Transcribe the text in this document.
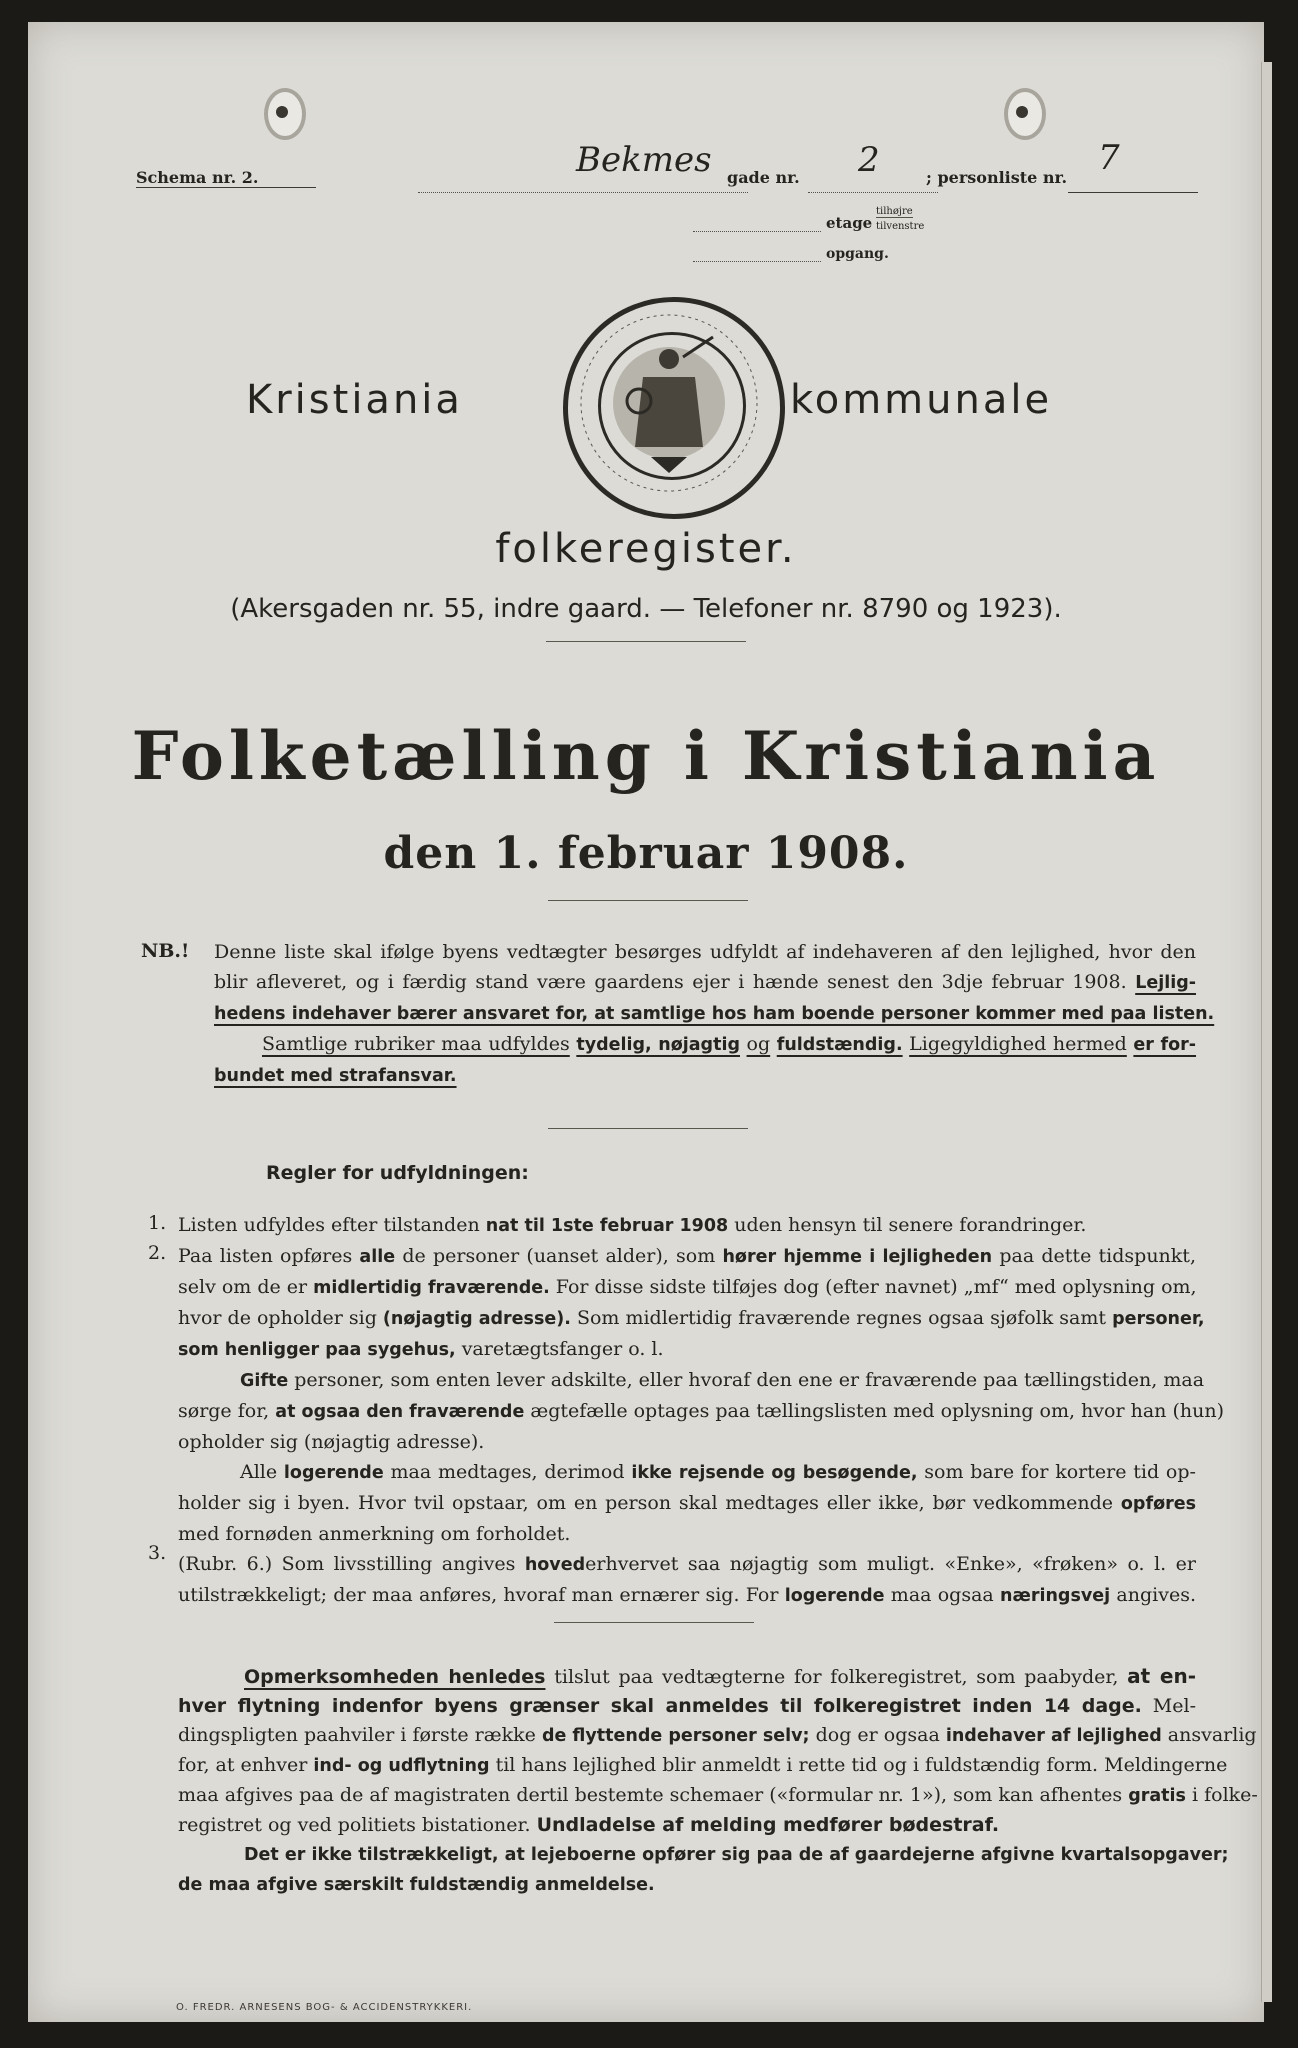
Schema nr. 2.	Bekmes gade nr. 2	; personliste nr. 7
etage
tilhøjre
tilvenstre
opgang.
Kristiania	kommunale
folkeregister.
(Akersgaden nr. 55, indre gaard. — Telefoner nr. 8790 og 1923).
Folketælling i Kristiania
den 1. februar 1908.
NB.! Denne liste skal ifølge byens vedtægter besørges udfyldt af indehaveren af den lejlighed, hvor den
blir afleveret, og i færdig stand være gaardens ejer i hænde senest den 3dje februar 1908. Lejlig-
hedens indehaver bærer ansvaret for, at samtlige hos ham boende personer kommer med paa listen.
Samtlige rubriker maa udfyldes tydelig, nøjagtig og fuldstændig. Ligegyldighed hermed er for-
bundet med strafansvar.
Regler for udfyldningen:
1.
2.
3.
Listen udfyldes efter tilstanden nat til 1ste februar 1908 uden hensyn til senere forandringer.
Paa listen opføres alle de personer (uanset alder), som hører hjemme i lejligheden paa dette tidspunkt,
selv om de er midlertidig fraværende. For disse sidste tilføjes dog (efter navnet) „mf“ med oplysning om,
hvor de opholder sig (nøjagtig adresse). Som midlertidig fraværende regnes ogsaa sjøfolk samt personer,
som henligger paa sygehus, varetægtsfanger o. l.
Gifte personer, som enten lever adskilte, eller hvoraf den ene er fraværende paa tællingstiden, maa
sørge for, at ogsaa den fraværende ægtefælle optages paa tællingslisten med oplysning om, hvor han (hun)
opholder sig (nøjagtig adresse).
Alle logerende maa medtages, derimod ikke rejsende og besøgende, som bare for kortere tid op-
holder sig i byen. Hvor tvil opstaar, om en person skal medtages eller ikke, bør vedkommende opføres
med fornøden anmerkning om forholdet.
(Rubr. 6.) Som livsstilling angives hovederhvervet saa nøjagtig som muligt. «Enke», «frøken» o. l. er
utilstrækkeligt; der maa anføres, hvoraf man ernærer sig. For logerende maa ogsaa næringsvej angives.
Opmerksomheden henledes tilslut paa vedtægterne for folkeregistret, som paabyder, at en-
hver flytning indenfor byens grænser skal anmeldes til folkeregistret inden 14 dage. Mel-
dingspligten paahviler i første række de flyttende personer selv; dog er ogsaa indehaver af lejlighed ansvarlig
for, at enhver ind- og udflytning til hans lejlighed blir anmeldt i rette tid og i fuldstændig form. Meldingerne
maa afgives paa de af magistraten dertil bestemte schemaer («formular nr. 1»), som kan afhentes gratis i folke-
registret og ved politiets bistationer. Undladelse af melding medfører bødestraf.
Det er ikke tilstrækkeligt, at lejeboerne opfører sig paa de af gaardejerne afgivne kvartalsopgaver;
de maa afgive særskilt fuldstændig anmeldelse.
O. FREDR. ARNESENS BOG- & ACCIDENSTRYKKERI.
